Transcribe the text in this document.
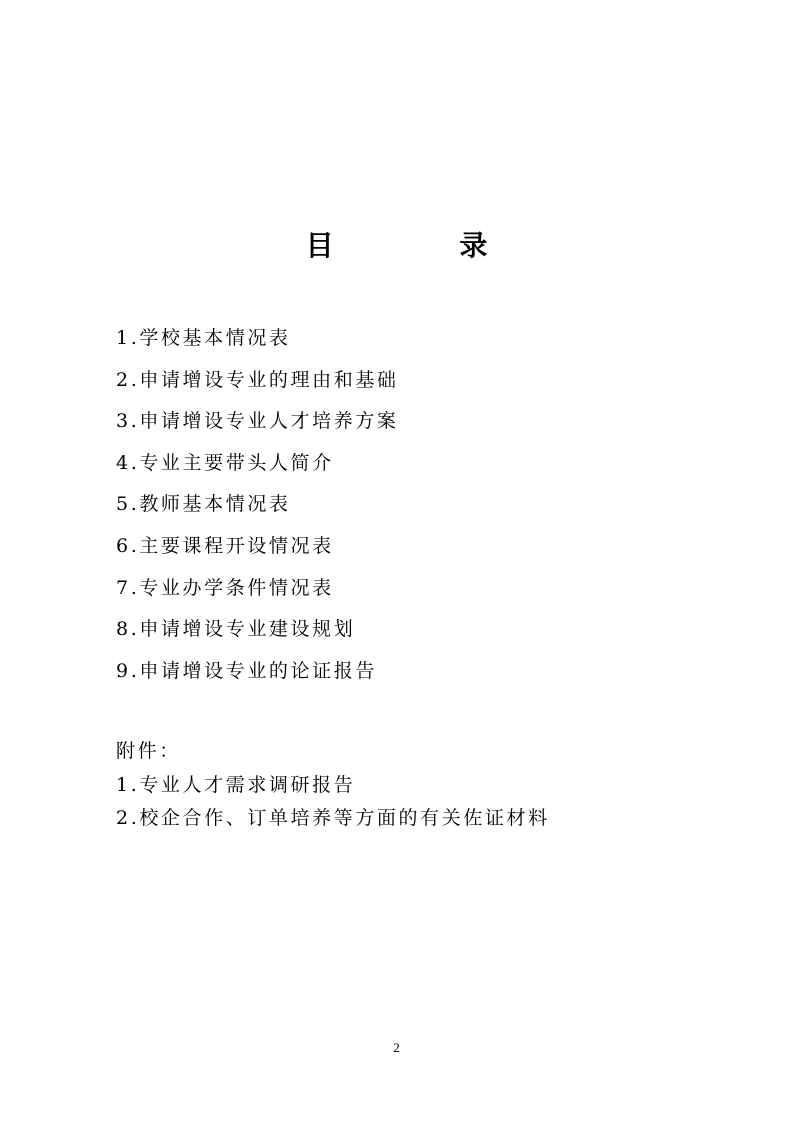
目 录
1.学校基本情况表
2.申请增设专业的理由和基础
3.申请增设专业人才培养方案
4.专业主要带头人简介
5.教师基本情况表
6.主要课程开设情况表
7.专业办学条件情况表
8.申请增设专业建设规划
9.申请增设专业的论证报告
附件：
1.专业人才需求调研报告
2.校企合作、订单培养等方面的有关佐证材料
2
